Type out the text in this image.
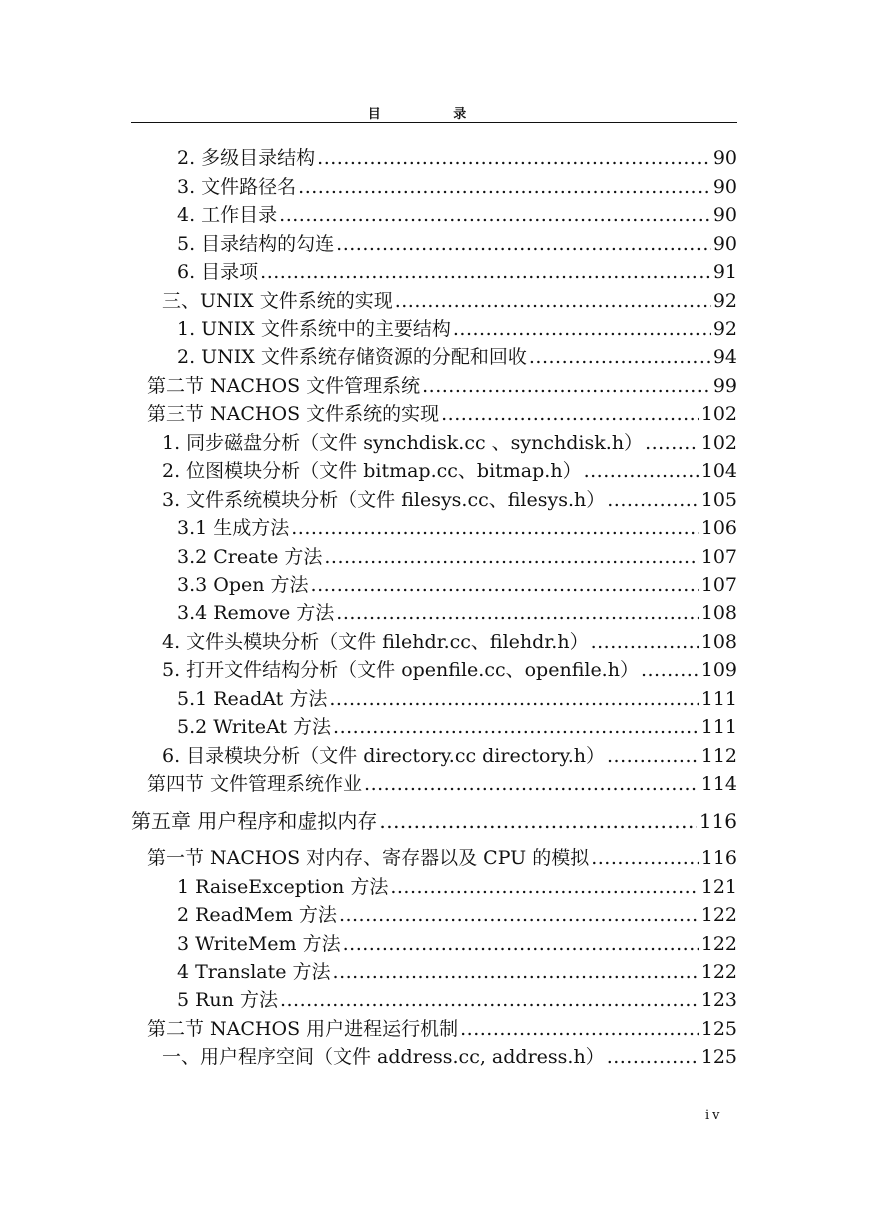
目 录
2. 多级目录结构 .....	90
3. 文件路径名 .....	90
4. 工作目录 .....	90
5. 目录结构的勾连 .....	90
6. 目录项 .....	91
三、UNIX 文件系统的实现 .....	92
1. UNIX 文件系统中的主要结构 .....	92
2. UNIX 文件系统存储资源的分配和回收 .....	94
第二节 NACHOS 文件管理系统 .....	99
第三节 NACHOS 文件系统的实现 .....	102
1. 同步磁盘分析（文件 synchdisk.cc 、synchdisk.h） .....	102
2. 位图模块分析（文件 bitmap.cc、bitmap.h） .....	104
3. 文件系统模块分析（文件 filesys.cc、filesys.h） .....	105
3.1 生成方法 .....	106
3.2 Create 方法 .....	107
3.3 Open 方法 .....	107
3.4 Remove 方法 .....	108
4. 文件头模块分析（文件 filehdr.cc、filehdr.h） .....	108
5. 打开文件结构分析（文件 openfile.cc、openfile.h） .....	109
5.1 ReadAt 方法 .....	111
5.2 WriteAt 方法 .....	111
6. 目录模块分析（文件 directory.cc directory.h） .....	112
第四节 文件管理系统作业 .....	114
第五章 用户程序和虚拟内存 .....	116
第一节 NACHOS 对内存、寄存器以及 CPU 的模拟 .....	116
1 RaiseException 方法 .....	121
2 ReadMem 方法 .....	122
3 WriteMem 方法 .....	122
4 Translate 方法 .....	122
5 Run 方法 .....	123
第二节 NACHOS 用户进程运行机制 .....	125
一、用户程序空间（文件 address.cc, address.h） .....	125
iv
